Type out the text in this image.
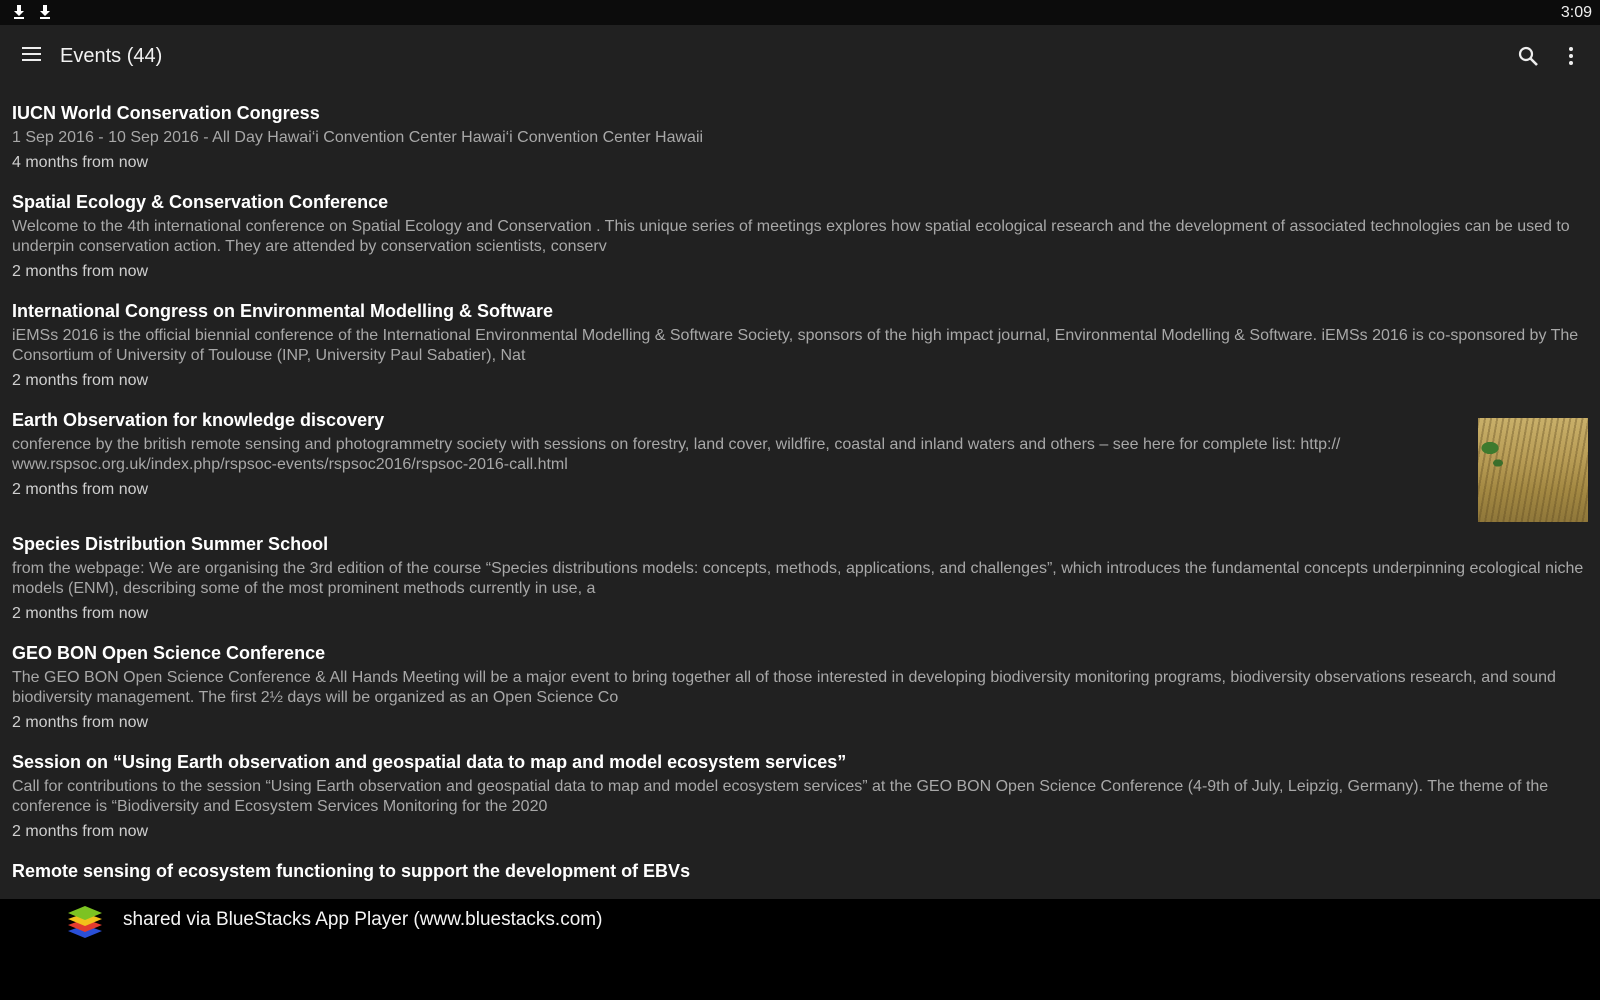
3:09
Events (44)
IUCN World Conservation Congress
1 Sep 2016 - 10 Sep 2016 - All Day Hawai‘i Convention Center Hawai‘i Convention Center Hawaii
4 months from now
Spatial Ecology & Conservation Conference
Welcome to the 4th international conference on Spatial Ecology and Conservation . This unique series of meetings explores how spatial ecological research and the development of associated technologies can be used to underpin conservation action. They are attended by conservation scientists, conserv
2 months from now
International Congress on Environmental Modelling & Software
iEMSs 2016 is the official biennial conference of the International Environmental Modelling & Software Society, sponsors of the high impact journal, Environmental Modelling & Software. iEMSs 2016 is co-sponsored by The Consortium of University of Toulouse (INP, University Paul Sabatier), Nat
2 months from now
Earth Observation for knowledge discovery
conference by the british remote sensing and photogrammetry society with sessions on forestry, land cover, wildfire, coastal and inland waters and others – see here for complete list: http:// www.rspsoc.org.uk/index.php/rspsoc-events/rspsoc2016/rspsoc-2016-call.html
2 months from now
Species Distribution Summer School
from the webpage: We are organising the 3rd edition of the course “Species distributions models: concepts, methods, applications, and challenges”, which introduces the fundamental concepts underpinning ecological niche models (ENM), describing some of the most prominent methods currently in use, a
2 months from now
GEO BON Open Science Conference
The GEO BON Open Science Conference & All Hands Meeting will be a major event to bring together all of those interested in developing biodiversity monitoring programs, biodiversity observations research, and sound biodiversity management. The first 2½ days will be organized as an Open Science Co
2 months from now
Session on “Using Earth observation and geospatial data to map and model ecosystem services”
Call for contributions to the session “Using Earth observation and geospatial data to map and model ecosystem services” at the GEO BON Open Science Conference (4-9th of July, Leipzig, Germany). The theme of the conference is “Biodiversity and Ecosystem Services Monitoring for the 2020
2 months from now
Remote sensing of ecosystem functioning to support the development of EBVs
shared via BlueStacks App Player (www.bluestacks.com)
